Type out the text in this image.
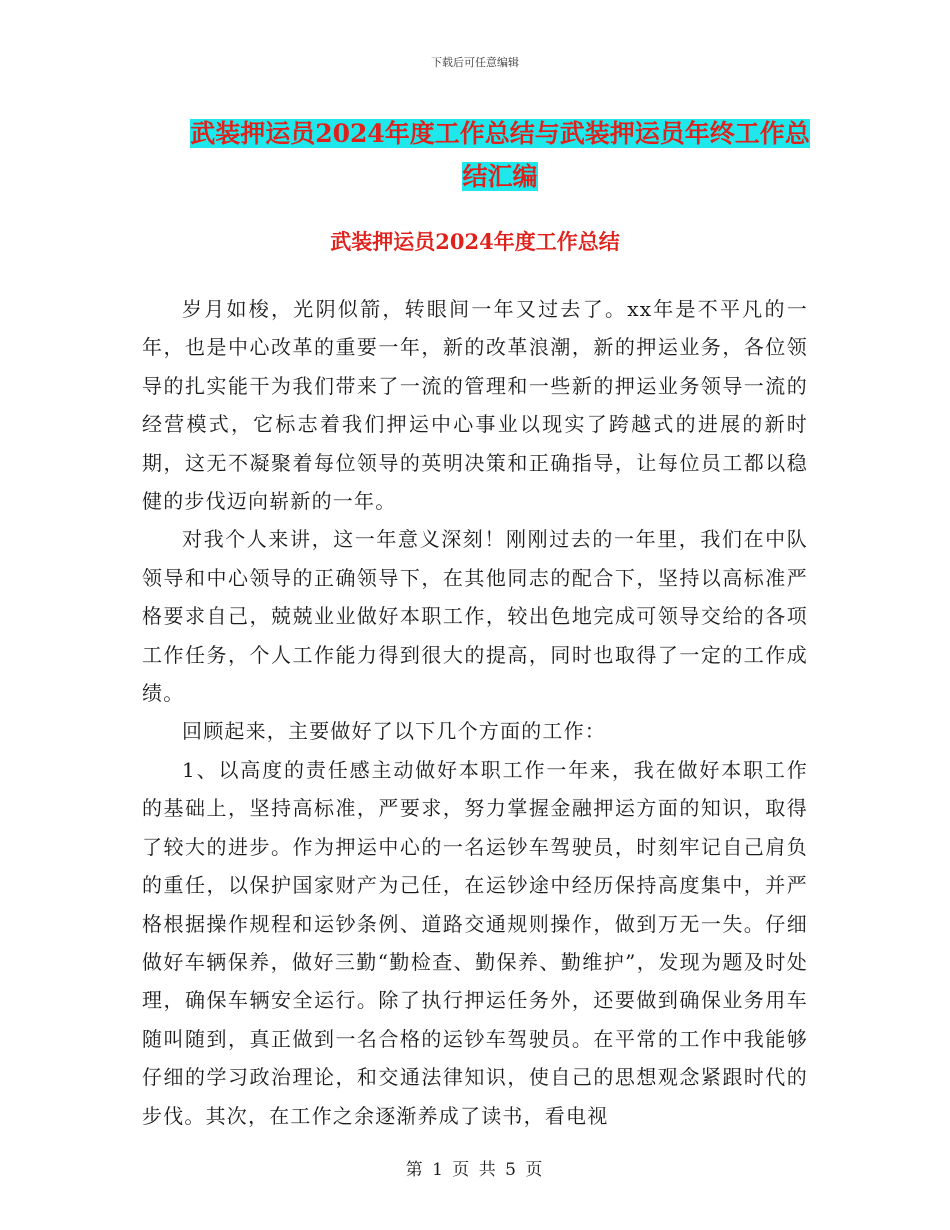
下载后可任意编辑
武装押运员2024年度工作总结与武装押运员年终工作总结汇编
武装押运员2024年度工作总结

岁月如梭，光阴似箭，转眼间一年又过去了。xx年是不平凡的一年，也是中心改革的重要一年，新的改革浪潮，新的押运业务，各位领导的扎实能干为我们带来了一流的管理和一些新的押运业务领导一流的经营模式，它标志着我们押运中心事业以现实了跨越式的进展的新时期，这无不凝聚着每位领导的英明决策和正确指导，让每位员工都以稳健的步伐迈向崭新的一年。

对我个人来讲，这一年意义深刻！刚刚过去的一年里，我们在中队领导和中心领导的正确领导下，在其他同志的配合下，坚持以高标准严格要求自己，兢兢业业做好本职工作，较出色地完成可领导交给的各项工作任务，个人工作能力得到很大的提高，同时也取得了一定的工作成绩。

回顾起来，主要做好了以下几个方面的工作：

1、以高度的责任感主动做好本职工作一年来，我在做好本职工作的基础上，坚持高标准，严要求，努力掌握金融押运方面的知识，取得了较大的进步。作为押运中心的一名运钞车驾驶员，时刻牢记自己肩负的重任，以保护国家财产为己任，在运钞途中经历保持高度集中，并严格根据操作规程和运钞条例、道路交通规则操作，做到万无一失。仔细做好车辆保养，做好三勤“勤检查、勤保养、勤维护”，发现为题及时处理，确保车辆安全运行。除了执行押运任务外，还要做到确保业务用车随叫随到，真正做到一名合格的运钞车驾驶员。在平常的工作中我能够仔细的学习政治理论，和交通法律知识，使自己的思想观念紧跟时代的步伐。其次，在工作之余逐渐养成了读书，看电视

第 1 页 共 5 页
